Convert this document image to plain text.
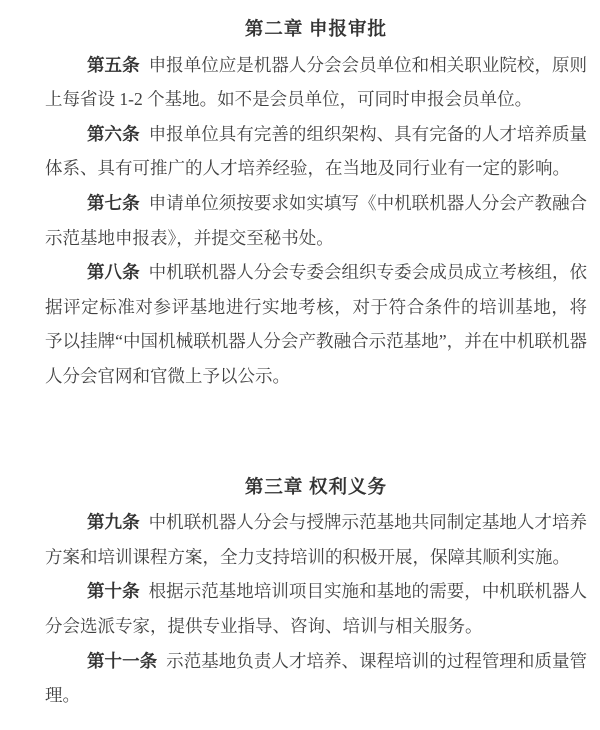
第二章 申报审批

第五条 申报单位应是机器人分会会员单位和相关职业院校，原则上每省设 1-2 个基地。如不是会员单位，可同时申报会员单位。

第六条 申报单位具有完善的组织架构、具有完备的人才培养质量体系、具有可推广的人才培养经验，在当地及同行业有一定的影响。

第七条 申请单位须按要求如实填写《中机联机器人分会产教融合示范基地申报表》，并提交至秘书处。

第八条 中机联机器人分会专委会组织专委会成员成立考核组，依据评定标准对参评基地进行实地考核，对于符合条件的培训基地，将予以挂牌“中国机械联机器人分会产教融合示范基地”，并在中机联机器人分会官网和官微上予以公示。

第三章 权利义务

第九条 中机联机器人分会与授牌示范基地共同制定基地人才培养方案和培训课程方案，全力支持培训的积极开展，保障其顺利实施。

第十条 根据示范基地培训项目实施和基地的需要，中机联机器人分会选派专家，提供专业指导、咨询、培训与相关服务。

第十一条 示范基地负责人才培养、课程培训的过程管理和质量管理。
